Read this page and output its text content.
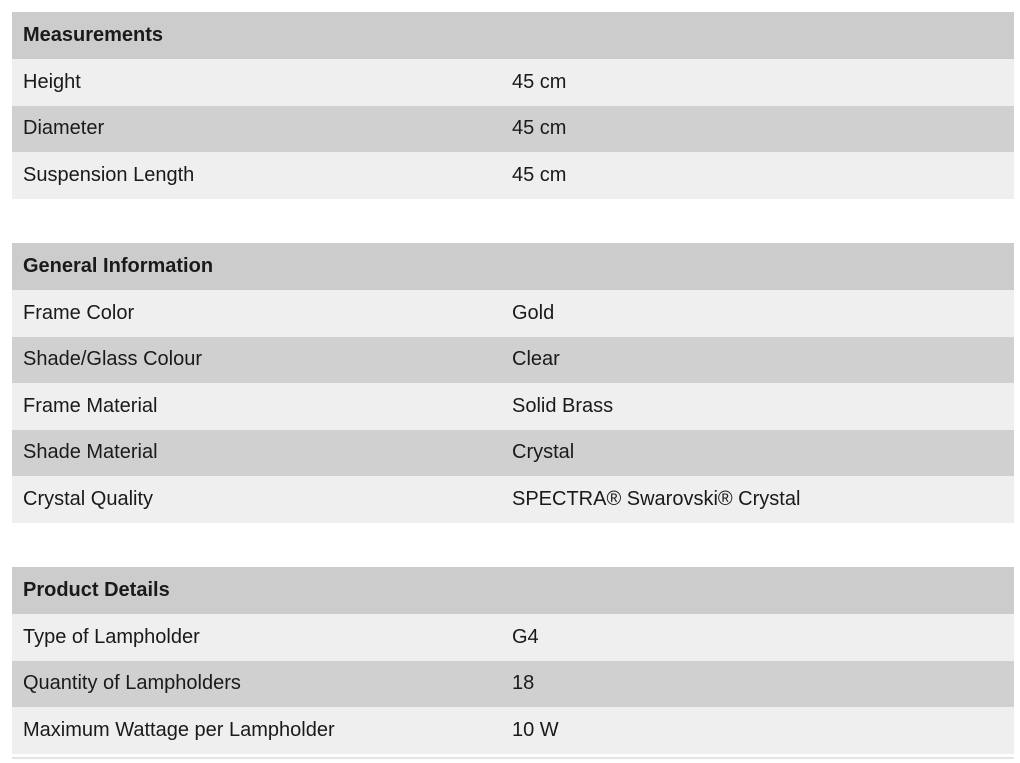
Measurements
Height	45 cm
Diameter	45 cm
Suspension Length	45 cm
General Information
Frame Color	Gold
Shade/Glass Colour	Clear
Frame Material	Solid Brass
Shade Material	Crystal
Crystal Quality	SPECTRA® Swarovski® Crystal
Product Details
Type of Lampholder	G4
Quantity of Lampholders	18
Maximum Wattage per Lampholder	10 W
